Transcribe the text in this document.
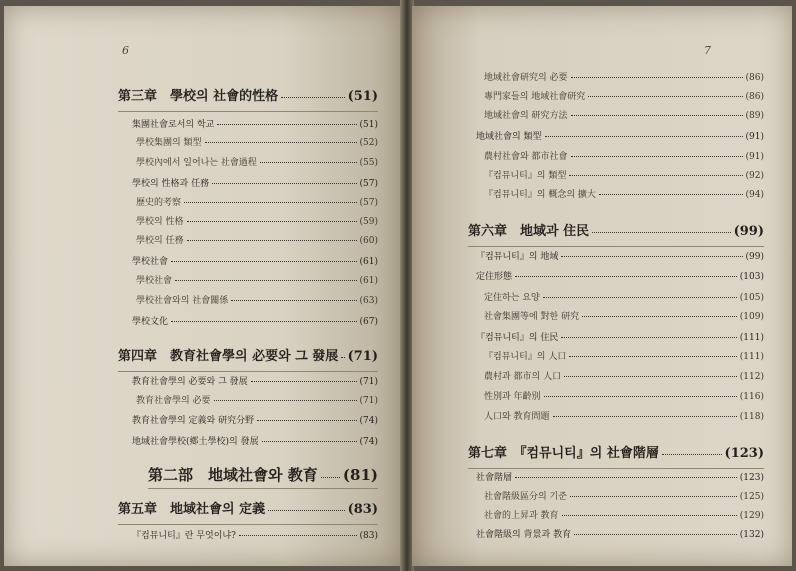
6
第三章　學校의 社會的性格	(51)
集團社會로서의 학교	(51)
學校集團의 類型	(52)
學校內에서 일어나는 社會過程	(55)
學校의 性格과 任務	(57)
歷史的考察	(57)
學校의 性格	(59)
學校의 任務	(60)
學校社會	(61)
學校社會	(61)
學校社會와의 社會關係	(63)
學校文化	(67)
第四章　教育社會學의 必要와 그 發展 (71)
教育社會學의 必要와 그 發展	(71)
教育社會學의 必要	(71)
教育社會學의 定義와 研究分野	(74)
地域社會學校(鄕土學校)의 發展	(74)
第二部　地域社會와 教育 (81)
第五章　地域社會의 定義	(83)
『컴뮤니티』란 무엇이냐?	(83)
7
地域社會研究의 必要	(86)
專門家들의 地域社會研究	(86)
地域社會의 研究方法	(89)
地域社會의 類型	(91)
農村社會와 都市社會	(91)
『컴뮤니티』의 類型	(92)
『컴뮤니티』의 概念의 擴大	(94)
第六章　地域과 住民	(99)
『컴뮤니티』의 地域	(99)
定住形態	(103)
定住하는 요양	(105)
社會集團等에 對한 研究	(109)
『컴뮤니티』의 住民	(111)
『컴뮤니티』의 人口	(111)
農村과 都市의 人口	(112)
性別과 年齡別	(116)
人口와 教育問題	(118)
第七章　『컴뮤니티』의 社會階層	(123)
社會階層	(123)
社會階級區分의 기준	(125)
社會的上昇과 教育	(129)
社會階級의 背景과 教育	(132)
